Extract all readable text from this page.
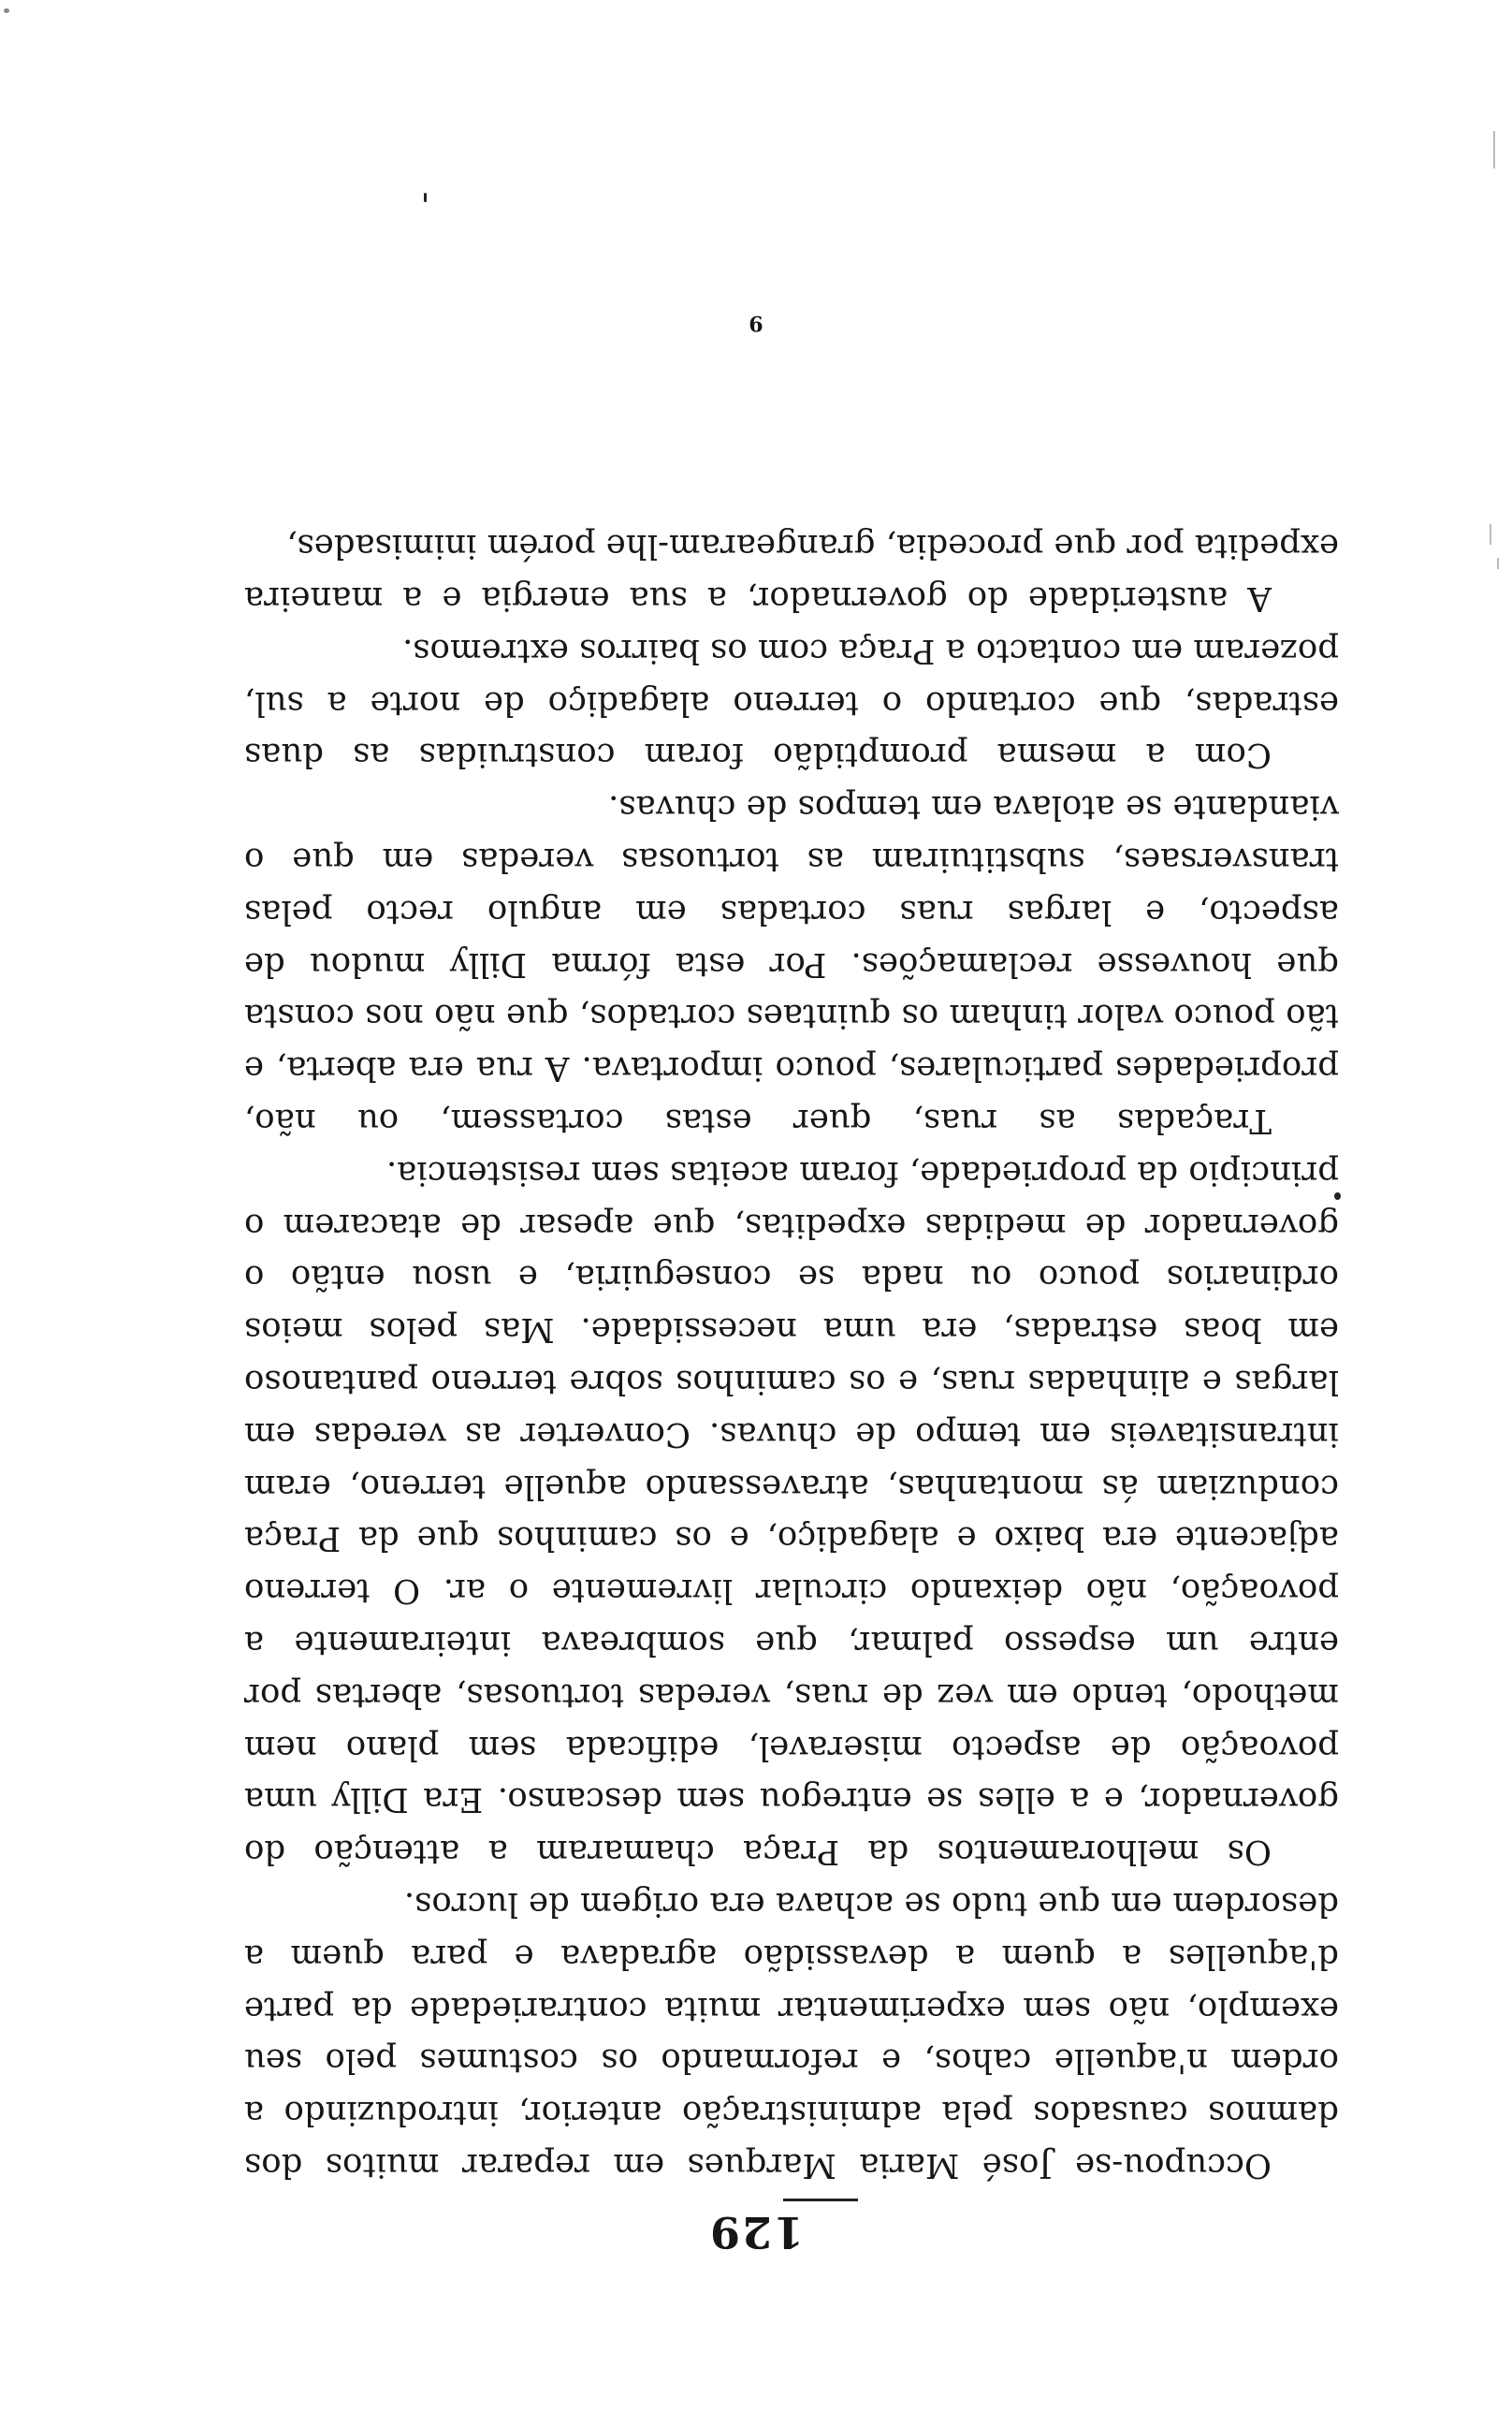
129

Occupou-se José Maria Marques em reparar muitos dos damnos causados pela administração anterior, introduzindo a ordem n'aquelle cahos, e reformando os costumes pelo seu exemplo, não sem experimentar muita contrariedade da parte d'aquelles a quem a devassidão agradava e para quem a desordem em que tudo se achava era origem de lucros.

Os melhoramentos da Praça chamaram a attenção do governador, e a elles se entregou sem descanso. Era Dilly uma povoação de aspecto miseravel, edificada sem plano nem methodo, tendo em vez de ruas, veredas tortuosas, abertas por entre um espesso palmar, que sombreava inteiramente a povoação, não deixando circular livremente o ar. O terreno adjacente era baixo e alagadiço, e os caminhos que da Praça conduziam ás montanhas, atravessando aquelle terreno, eram intransitaveis em tempo de chuvas. Converter as veredas em largas e alinhadas ruas, e os caminhos sobre terreno pantanoso em boas estradas, era uma necessidade. Mas pelos meios ordinarios pouco ou nada se conseguiria, e usou então o governador de medidas expeditas, que apesar de atacarem o principio da propriedade, foram aceitas sem resistencia.

Traçadas as ruas, quer estas cortassem, ou não, propriedades particulares, pouco importava. A rua era aberta, e tão pouco valor tinham os quintaes cortados, que não nos consta que houvesse reclamações. Por esta fórma Dilly mudou de aspecto, e largas ruas cortadas em angulo recto pelas transversaes, substituiram as tortuosas veredas em que o viandante se atolava em tempos de chuvas.

Com a mesma promptidão foram construidas as duas estradas, que cortando o terreno alagadiço de norte a sul, pozeram em contacto a Praça com os bairros extremos.

A austeridade do governador, a sua energia e a maneira expedita por que procedia, grangearam-lhe porém inimisades,

9
